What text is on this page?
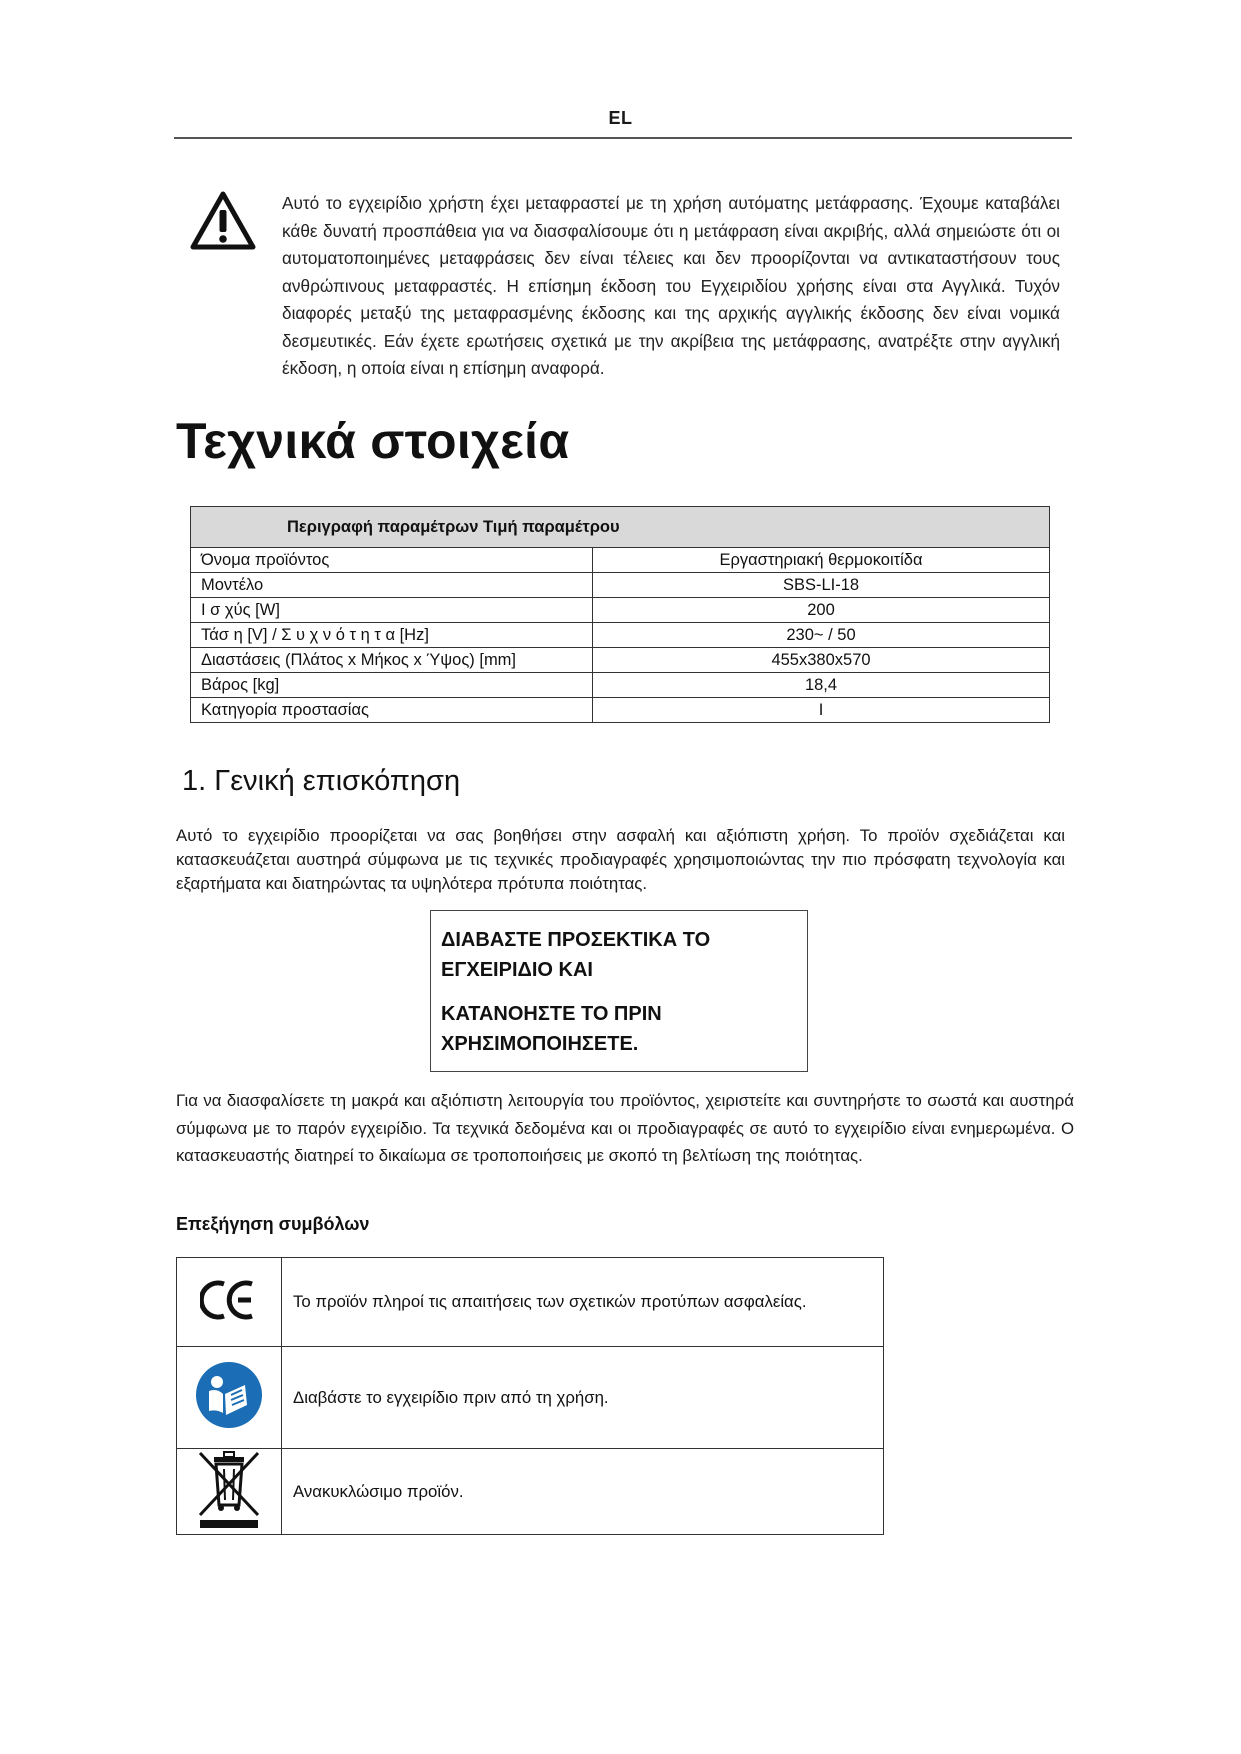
EL

Αυτό το εγχειρίδιο χρήστη έχει μεταφραστεί με τη χρήση αυτόματης μετάφρασης. Έχουμε καταβάλει κάθε δυνατή προσπάθεια για να διασφαλίσουμε ότι η μετάφραση είναι ακριβής, αλλά σημειώστε ότι οι αυτοματοποιημένες μεταφράσεις δεν είναι τέλειες και δεν προορίζονται να αντικαταστήσουν τους ανθρώπινους μεταφραστές. Η επίσημη έκδοση του Εγχειριδίου χρήσης είναι στα Αγγλικά. Τυχόν διαφορές μεταξύ της μεταφρασμένης έκδοσης και της αρχικής αγγλικής έκδοσης δεν είναι νομικά δεσμευτικές. Εάν έχετε ερωτήσεις σχετικά με την ακρίβεια της μετάφρασης, ανατρέξτε στην αγγλική έκδοση, η οποία είναι η επίσημη αναφορά.

Τεχνικά στοιχεία
Περιγραφή παραμέτρων Τιμή παραμέτρου	
Όνομα προϊόντος	Εργαστηριακή θερμοκοιτίδα
Μοντέλο	SBS-LI-18
Ι σ χύς [W]	200
Τάσ η [V] / Σ υ χ ν ό τ η τ α [Hz]	230~ / 50
Διαστάσεις (Πλάτος x Μήκος x Ύψος) [mm]	455x380x570
Βάρος [kg]	18,4
Κατηγορία προστασίας	I
1. Γενική επισκόπηση

Αυτό το εγχειρίδιο προορίζεται να σας βοηθήσει στην ασφαλή και αξιόπιστη χρήση. Το προϊόν σχεδιάζεται και κατασκευάζεται αυστηρά σύμφωνα με τις τεχνικές προδιαγραφές χρησιμοποιώντας την πιο πρόσφατη τεχνολογία και εξαρτήματα και διατηρώντας τα υψηλότερα πρότυπα ποιότητας.

ΔΙΑΒΑΣΤΕ ΠΡΟΣΕΚΤΙΚΑ ΤΟ ΕΓΧΕΙΡΙΔΙΟ ΚΑΙ

ΚΑΤΑΝΟΗΣΤΕ ΤΟ ΠΡΙΝ ΧΡΗΣΙΜΟΠΟΙΗΣΕΤΕ.

Για να διασφαλίσετε τη μακρά και αξιόπιστη λειτουργία του προϊόντος, χειριστείτε και συντηρήστε το σωστά και αυστηρά σύμφωνα με το παρόν εγχειρίδιο. Τα τεχνικά δεδομένα και οι προδιαγραφές σε αυτό το εγχειρίδιο είναι ενημερωμένα. Ο κατασκευαστής διατηρεί το δικαίωμα σε τροποποιήσεις με σκοπό τη βελτίωση της ποιότητας.

Επεξήγηση συμβόλων
	Το προϊόν πληροί τις απαιτήσεις των σχετικών προτύπων ασφαλείας.
	Διαβάστε το εγχειρίδιο πριν από τη χρήση.
	Ανακυκλώσιμο προϊόν.
